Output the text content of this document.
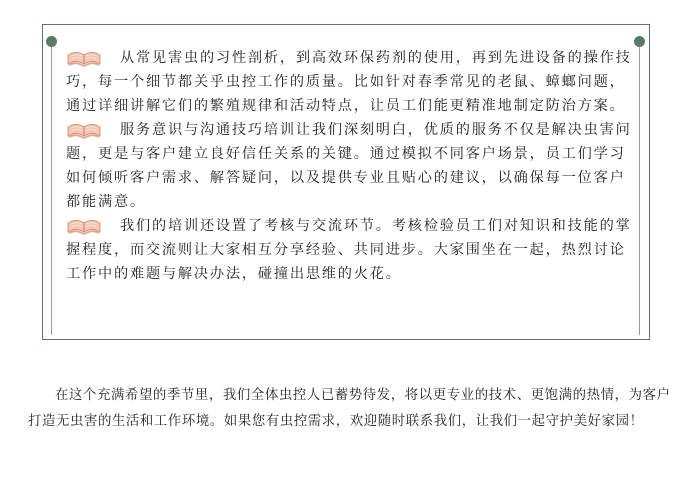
从常见害虫的习性剖析，到高效环保药剂的使用，再到先进设备的操作技巧，每一个细节都关乎虫控工作的质量。比如针对春季常见的老鼠、蟑螂问题，通过详细讲解它们的繁殖规律和活动特点，让员工们能更精准地制定防治方案。

服务意识与沟通技巧培训让我们深刻明白，优质的服务不仅是解决虫害问题，更是与客户建立良好信任关系的关键。通过模拟不同客户场景，员工们学习如何倾听客户需求、解答疑问，以及提供专业且贴心的建议，以确保每一位客户都能满意。

我们的培训还设置了考核与交流环节。考核检验员工们对知识和技能的掌握程度，而交流则让大家相互分享经验、共同进步。大家围坐在一起，热烈讨论工作中的难题与解决办法，碰撞出思维的火花。

在这个充满希望的季节里，我们全体虫控人已蓄势待发，将以更专业的技术、更饱满的热情，为客户打造无虫害的生活和工作环境。如果您有虫控需求，欢迎随时联系我们，让我们一起守护美好家园！
